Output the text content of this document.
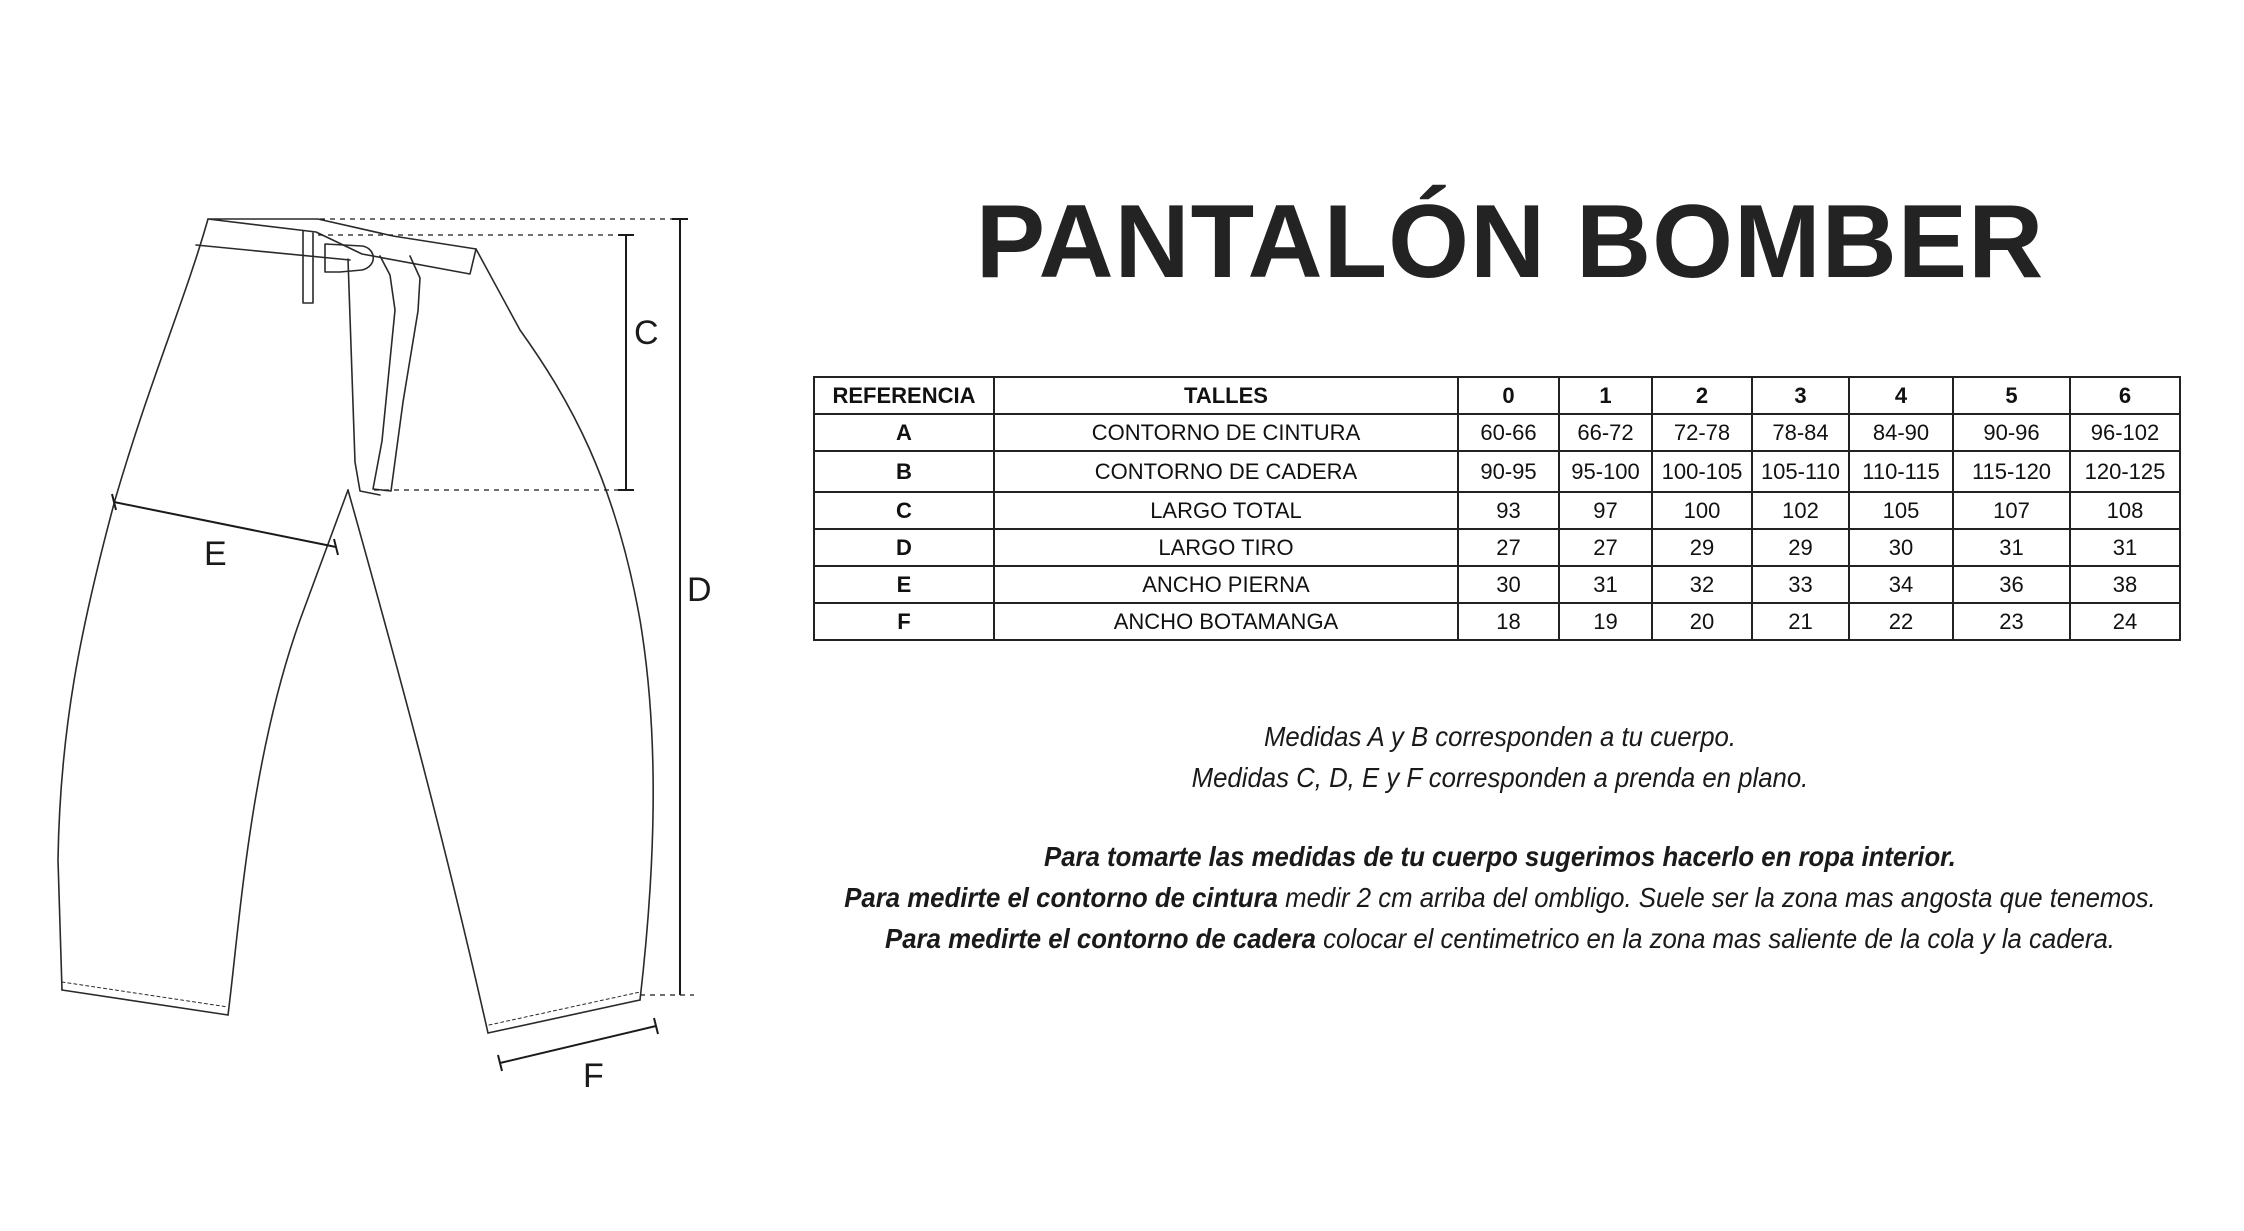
C
D
E
F
PANTALÓN BOMBER
REFERENCIA	TALLES	0	1	2	3	4	5	6
A	CONTORNO DE CINTURA	60-66	66-72	72-78	78-84	84-90	90-96	96-102
B	CONTORNO DE CADERA	90-95	95-100	100-105	105-110	110-115	115-120	120-125
C	LARGO TOTAL	93	97	100	102	105	107	108
D	LARGO TIRO	27	27	29	29	30	31	31
E	ANCHO PIERNA	30	31	32	33	34	36	38
F	ANCHO BOTAMANGA	18	19	20	21	22	23	24
Medidas A y B corresponden a tu cuerpo.
Medidas C, D, E y F corresponden a prenda en plano.
Para tomarte las medidas de tu cuerpo sugerimos hacerlo en ropa interior.
Para medirte el contorno de cintura medir 2 cm arriba del ombligo. Suele ser la zona mas angosta que tenemos.
Para medirte el contorno de cadera colocar el centimetrico en la zona mas saliente de la cola y la cadera.
